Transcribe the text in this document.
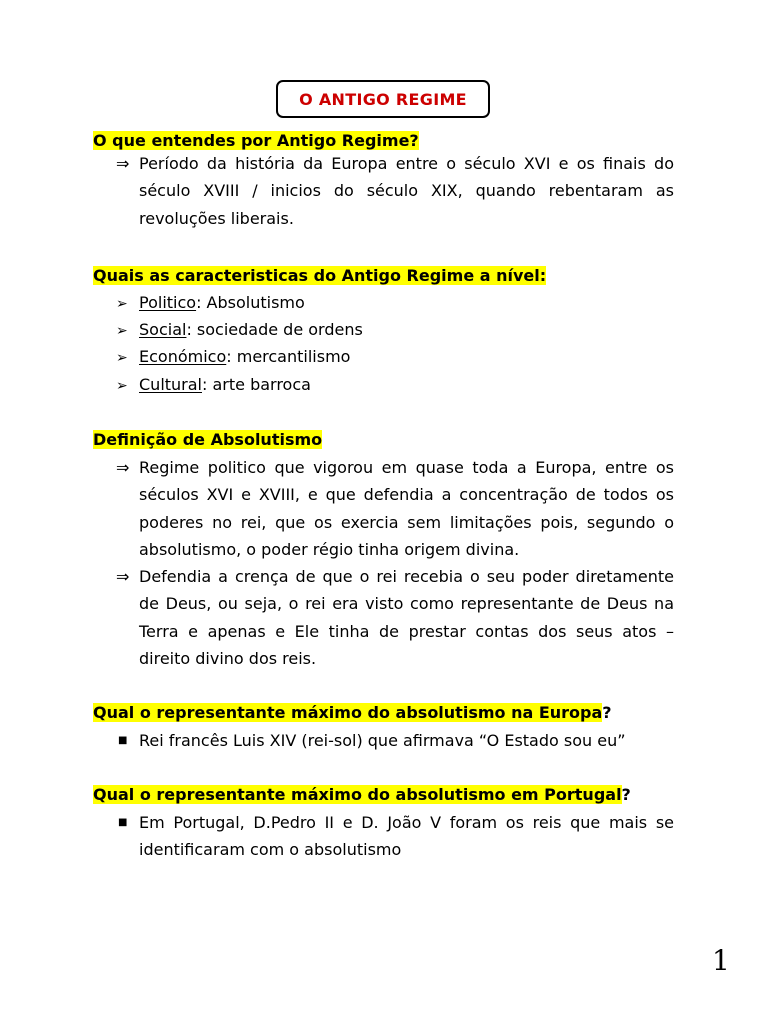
O ANTIGO REGIME
O que entendes por Antigo Regime?
⇒ Período da história da Europa entre o século XVI e os finais do século XVIII / inicios do século XIX, quando rebentaram as revoluções liberais.
Quais as caracteristicas do Antigo Regime a nível:
➢ Politico: Absolutismo
➢ Social: sociedade de ordens
➢ Económico: mercantilismo
➢ Cultural: arte barroca
Definição de Absolutismo
⇒ Regime politico que vigorou em quase toda a Europa, entre os séculos XVI e XVIII, e que defendia a concentração de todos os poderes no rei, que os exercia sem limitações pois, segundo o absolutismo, o poder régio tinha origem divina.
⇒ Defendia a crença de que o rei recebia o seu poder diretamente de Deus, ou seja, o rei era visto como representante de Deus na Terra e apenas e Ele tinha de prestar contas dos seus atos – direito divino dos reis.
Qual o representante máximo do absolutismo na Europa?
■ Rei francês Luis XIV (rei-sol) que afirmava “O Estado sou eu”
Qual o representante máximo do absolutismo em Portugal?
■ Em Portugal, D.Pedro II e D. João V foram os reis que mais se identificaram com o absolutismo
1
